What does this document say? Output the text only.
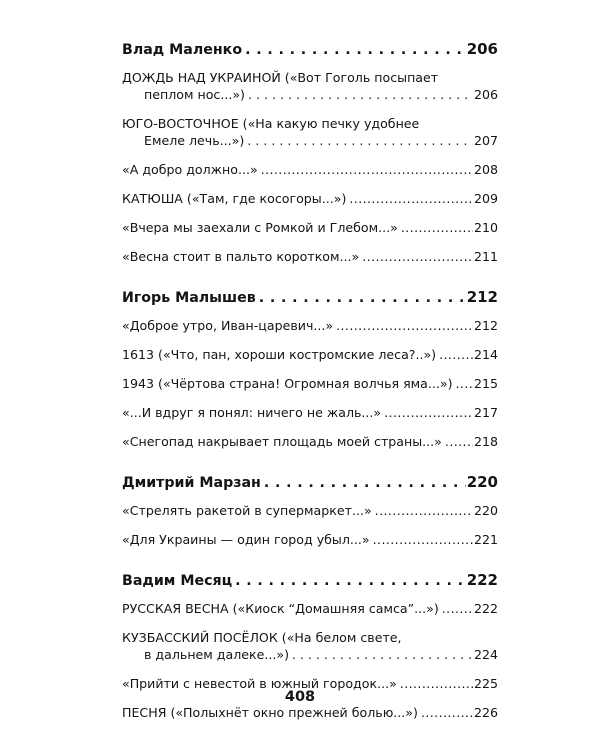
Влад Маленко . . .	206
ДОЖДЬ НАД УКРАИНОЙ («Вот Гоголь посыпает
пеплом нос...») . . .	206
ЮГО-ВОСТОЧНОЕ («На какую печку удобнее
Емеле лечь...») . . .	207
«А добро должно...» . . .	208
КАТЮША («Там, где косогоры...») . . .	209
«Вчера мы заехали с Ромкой и Глебом...» . . .	210
«Весна стоит в пальто коротком...» . . .	211
Игорь Малышев . . .	212
«Доброе утро, Иван-царевич...» . . .	212
1613 («Что, пан, хороши костромские леса?..») . . .	214
1943 («Чёртова страна! Огромная волчья яма...») . . . 215
«...И вдруг я понял: ничего не жаль...» . . .	217
«Снегопад накрывает площадь моей страны...» . . .	218
Дмитрий Марзан . . .	220
«Стрелять ракетой в супермаркет...» . . .	220
«Для Украины — один город убыл...» . . .	221
Вадим Месяц . . .	222
РУССКАЯ ВЕСНА («Киоск “Домашняя самса”...») . . .	222
КУЗБАССКИЙ ПОСЁЛОК («На белом свете,
в дальнем далеке...») . . .	224
«Прийти с невестой в южный городок...» . . .	225
ПЕСНЯ («Полыхнёт окно прежней болью...») . . .	226
408
